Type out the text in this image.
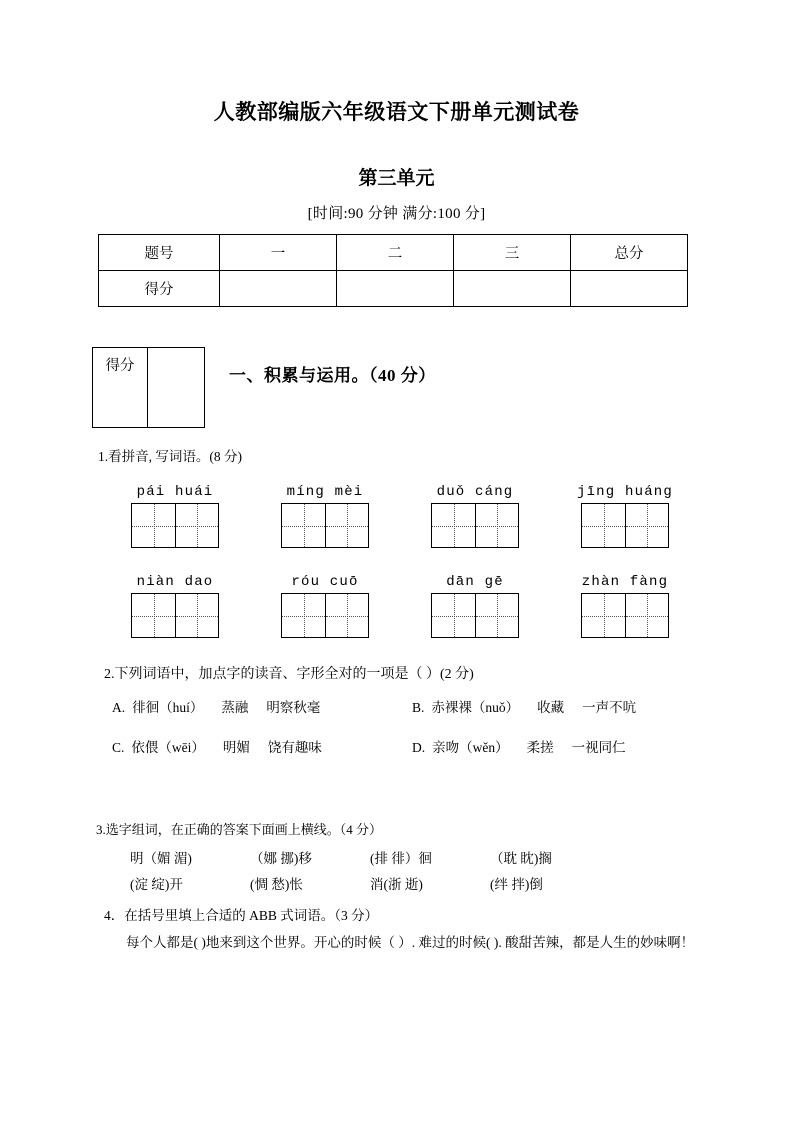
人教部编版六年级语文下册单元测试卷
第三单元
[时间:90 分钟 满分:100 分]
题号	一	二	三	总分
得分				
得分		一、积累与运用。（40 分）
1.看拼音, 写词语。(8 分)
pái huái	míng mèi	duǒ cáng	jīng huáng
niàn dao	róu cuō	dān gē	zhàn fàng
2.下列词语中，加点字的读音、字形全对的一项是（ ）(2 分)
A. 徘徊（huí） 蒸融 明察秋毫	B. 赤裸裸（nuǒ） 收藏 一声不吭
C. 依偎（wēi） 明媚 饶有趣味	D. 亲吻（wěn） 柔搓 一视同仁
3.选字组词，在正确的答案下面画上横线。（4 分）
明（媚 湄)	（娜 挪)移	(排 徘）徊	（耽 眈)搁
(淀 绽)开	(惆 愁)怅	消(浙 逝)	(绊 拌)倒
4．在括号里填上合适的 ABB 式词语。（3 分）
每个人都是( )地来到这个世界。开心的时候（ ）. 难过的时候( ). 酸甜苦辣，都是人生的妙味啊！
